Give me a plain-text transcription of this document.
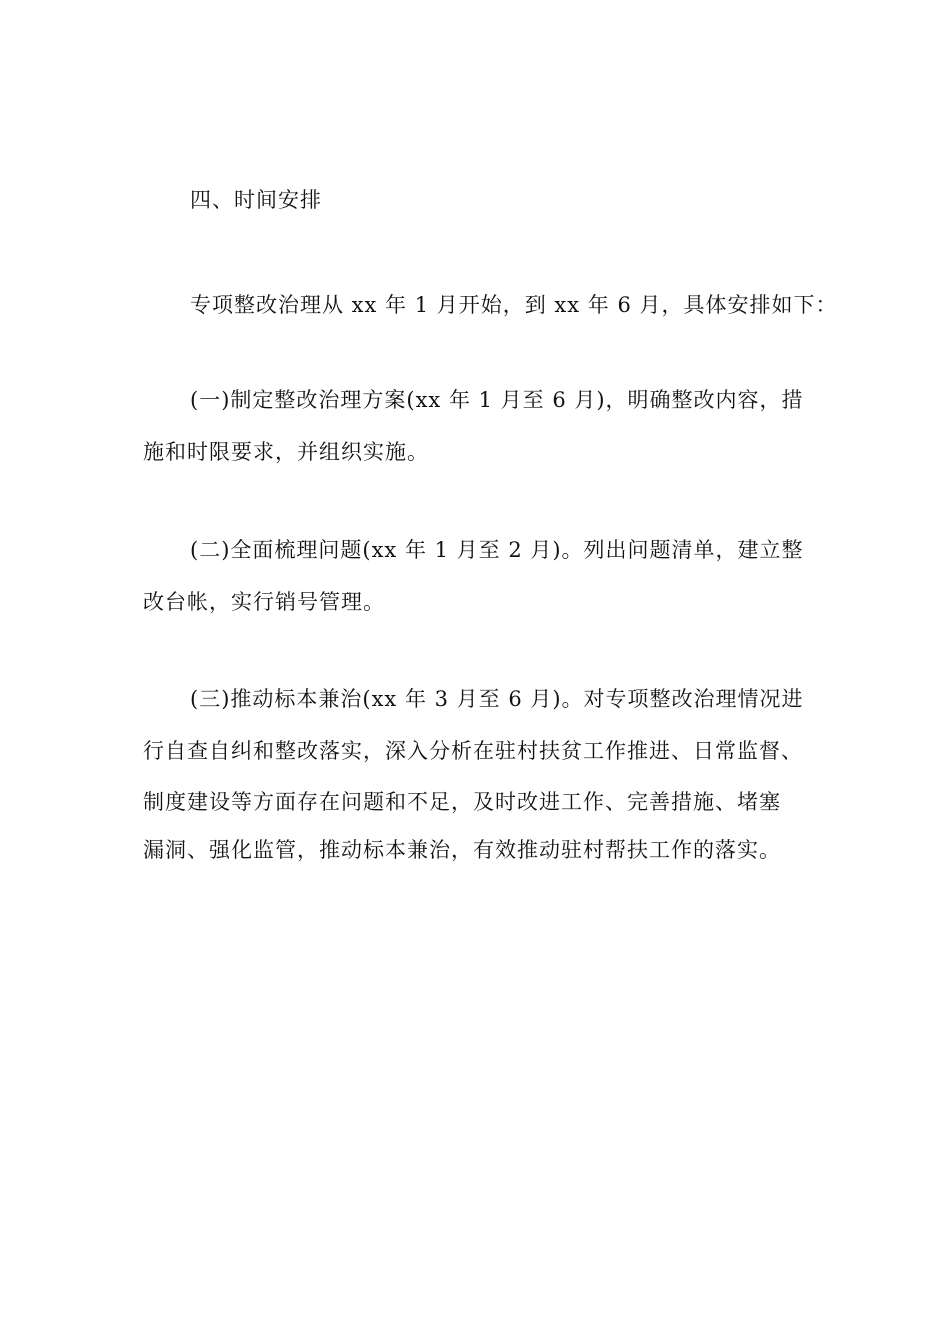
四、时间安排
专项整改治理从 xx 年 1 月开始，到 xx 年 6 月，具体安排如下：
(一)制定整改治理方案(xx 年 1 月至 6 月)，明确整改内容，措
施和时限要求，并组织实施。
(二)全面梳理问题(xx 年 1 月至 2 月)。列出问题清单，建立整
改台帐，实行销号管理。
(三)推动标本兼治(xx 年 3 月至 6 月)。对专项整改治理情况进
行自查自纠和整改落实，深入分析在驻村扶贫工作推进、日常监督、
制度建设等方面存在问题和不足，及时改进工作、完善措施、堵塞
漏洞、强化监管，推动标本兼治，有效推动驻村帮扶工作的落实。
